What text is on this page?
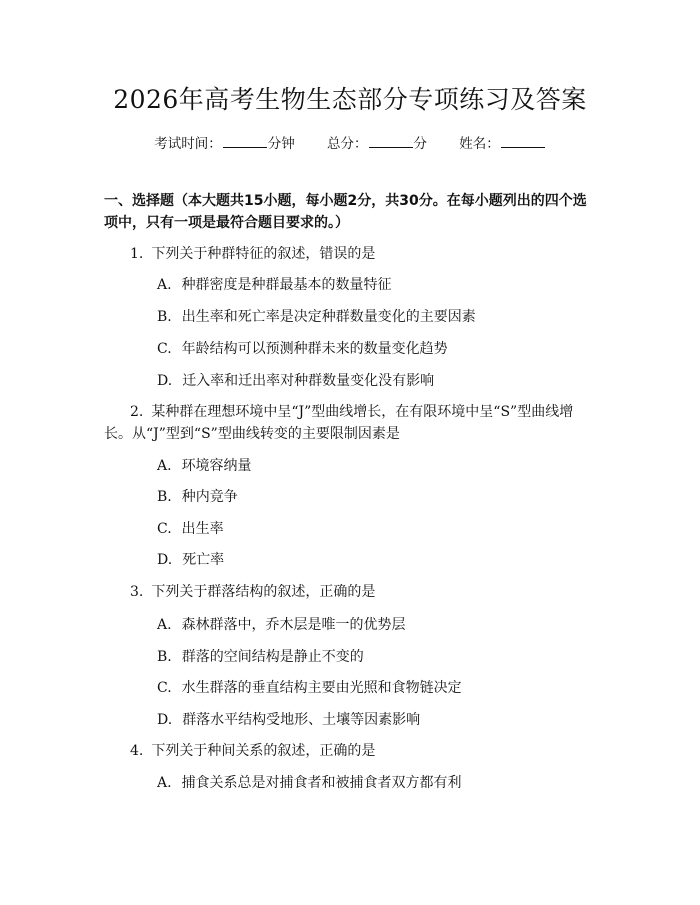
2026年高考生物生态部分专项练习及答案
考试时间：	分钟 总分：	分 姓名：
一、选择题（本大题共15小题，每小题2分，共30分。在每小题列出的四个选项中，只有一项是最符合题目要求的。）
1. 下列关于种群特征的叙述，错误的是
A. 种群密度是种群最基本的数量特征
B. 出生率和死亡率是决定种群数量变化的主要因素
C. 年龄结构可以预测种群未来的数量变化趋势
D. 迁入率和迁出率对种群数量变化没有影响
2. 某种群在理想环境中呈“J”型曲线增长，在有限环境中呈“S”型曲线增
长。从“J”型到“S”型曲线转变的主要限制因素是
A. 环境容纳量
B. 种内竞争
C. 出生率
D. 死亡率
3. 下列关于群落结构的叙述，正确的是
A. 森林群落中，乔木层是唯一的优势层
B. 群落的空间结构是静止不变的
C. 水生群落的垂直结构主要由光照和食物链决定
D. 群落水平结构受地形、土壤等因素影响
4. 下列关于种间关系的叙述，正确的是
A. 捕食关系总是对捕食者和被捕食者双方都有利
